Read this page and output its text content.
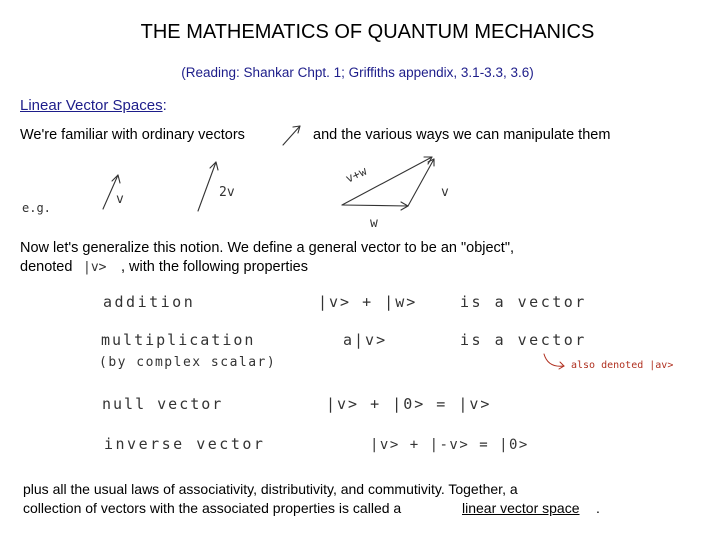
THE MATHEMATICS OF QUANTUM MECHANICS
(Reading: Shankar Chpt. 1; Griffiths appendix, 3.1-3.3, 3.6)
Linear Vector Spaces:
We're familiar with ordinary vectors	and the various ways we can manipulate them
Now let's generalize this notion. We define a general vector to be an "object",
denoted	, with the following properties
plus all the usual laws of associativity, distributivity, and commutivity. Together, a
collection of vectors with the associated properties is called a	linear vector space .
e.g.
v	2v
v+w
v
w
|v>
addition	|v> + |w>	is a vector
multiplication
(by complex scalar)
a|v>	is a vector
also denoted |av>
null vector	|v> + |0> = |v>
inverse vector	|v> + |-v> = |0>
